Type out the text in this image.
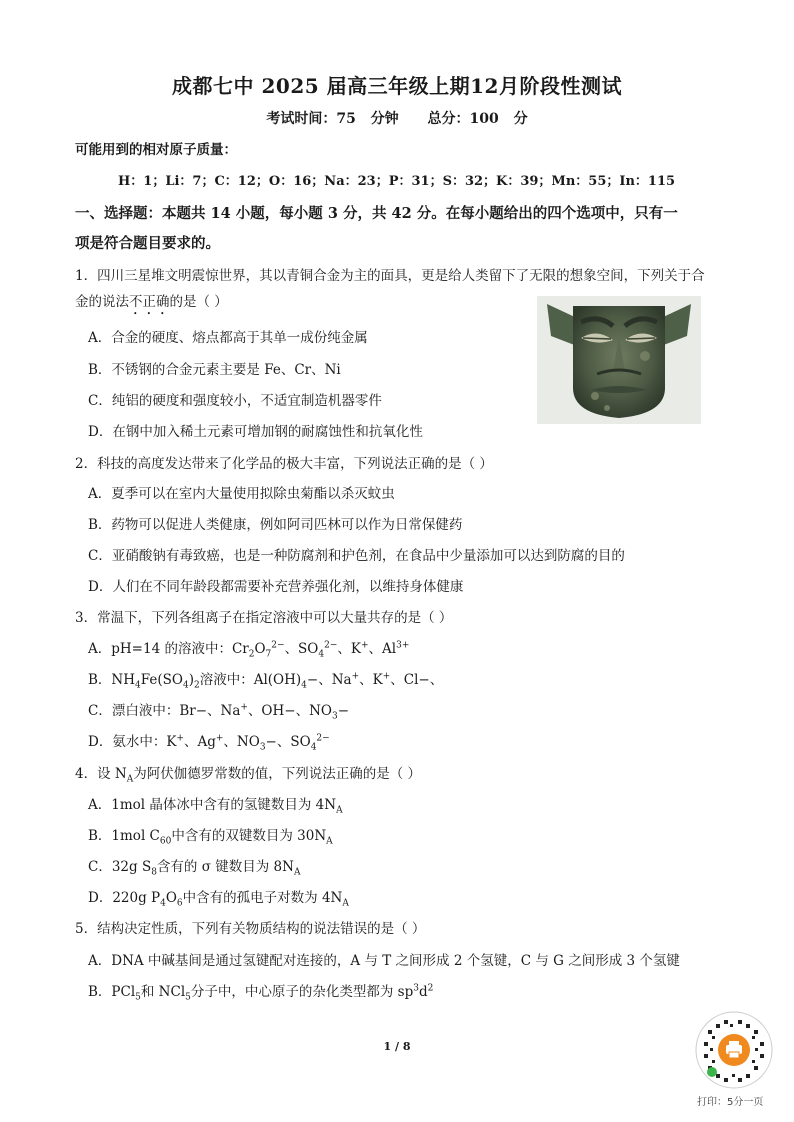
成都七中 2025 届高三年级上期12月阶段性测试
考试时间：75 分钟　 总分：100 分
可能用到的相对原子质量：
H：1；Li：7；C：12；O：16；Na：23；P：31；S：32；K：39；Mn：55；In：115
一、选择题：本题共 14 小题，每小题 3 分，共 42 分。在每小题给出的四个选项中，只有一
项是符合题目要求的。
1．四川三星堆文明震惊世界，其以青铜合金为主的面具，更是给人类留下了无限的想象空间，下列关于合
金的说法不正确的是（ ）
A．合金的硬度、熔点都高于其单一成份纯金属
B．不锈钢的合金元素主要是 Fe、Cr、Ni
C．纯铝的硬度和强度较小，不适宜制造机器零件
D．在钢中加入稀土元素可增加钢的耐腐蚀性和抗氧化性
2．科技的高度发达带来了化学品的极大丰富，下列说法正确的是（ ）
A．夏季可以在室内大量使用拟除虫菊酯以杀灭蚊虫
B．药物可以促进人类健康，例如阿司匹林可以作为日常保健药
C．亚硝酸钠有毒致癌，也是一种防腐剂和护色剂，在食品中少量添加可以达到防腐的目的
D．人们在不同年龄段都需要补充营养强化剂，以维持身体健康
3．常温下，下列各组离子在指定溶液中可以大量共存的是（ ）
A．pH=14 的溶液中：$Cr_2O_7^{2-}$、$SO_4^{2-}$、K+、$Al^{3+}$
B．$NH_4Fe(SO_4)_2$溶液中：$Al(OH)_4-$、Na+、K+、Cl−、
C．漂白液中：Br−、Na+、OH−、$NO_3-$
D．氨水中：K+、Ag+、$NO_3-$、$SO_4^{2-}$
4．设 $N_A$为阿伏伽德罗常数的值，下列说法正确的是（ ）
A．1mol 晶体冰中含有的氢键数目为 $4N_A$
B．1mol $C_{60}$中含有的双键数目为 $30N_A$
C．32g $S_8$含有的 σ 键数目为 $8N_A$
D．220g $P_4O_6$中含有的孤电子对数为 $4N_A$
5．结构决定性质，下列有关物质结构的说法错误的是（ ）
A．DNA 中碱基间是通过氢键配对连接的，A 与 T 之间形成 2 个氢键，C 与 G 之间形成 3 个氢键
B．PCl$_5$和 NCl$_5$分子中，中心原子的杂化类型都为 $sp^3d^2$
1 / 8
打印：5分一页
